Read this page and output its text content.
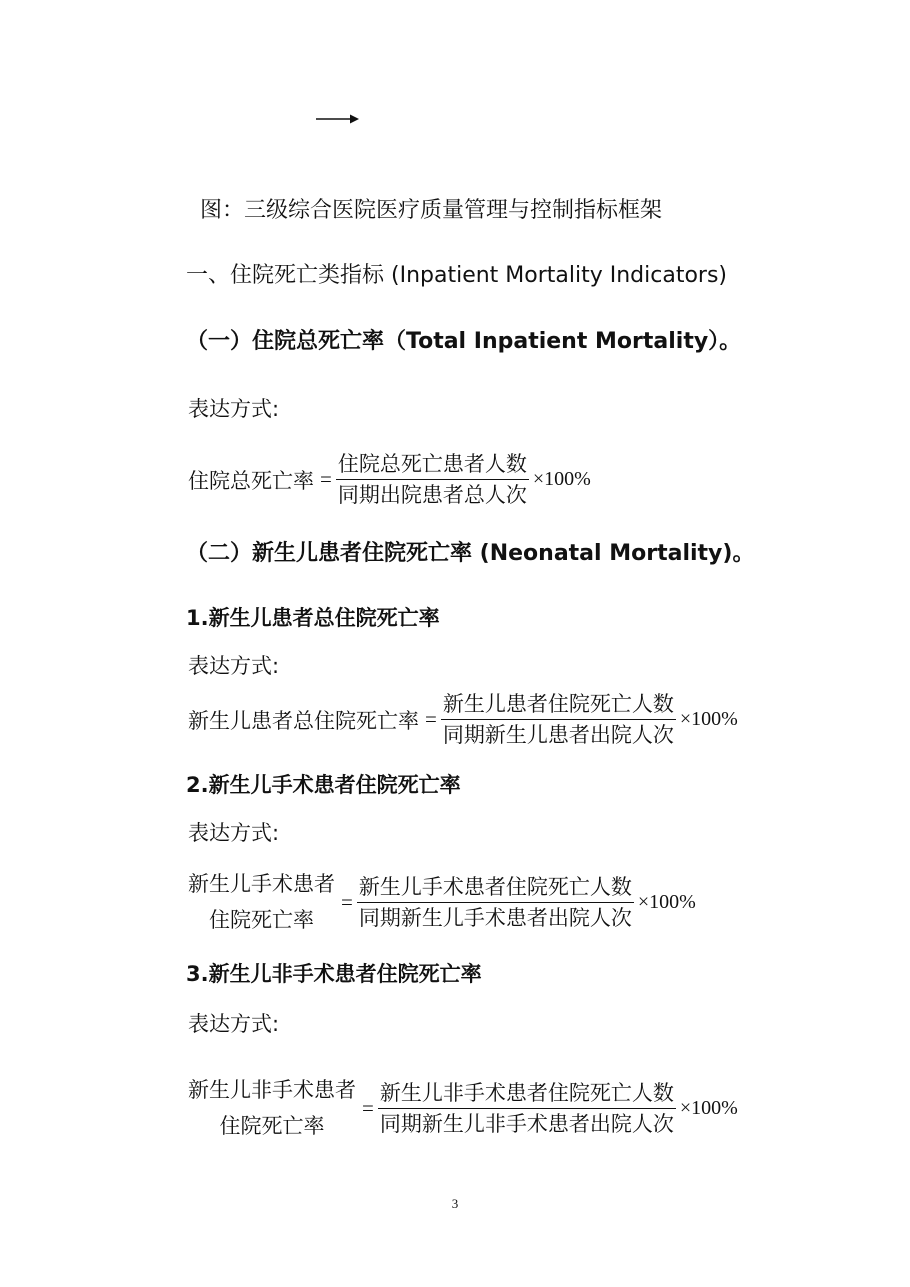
图：三级综合医院医疗质量管理与控制指标框架
一、住院死亡类指标 (Inpatient Mortality Indicators)
（一）住院总死亡率（Total Inpatient Mortality）。
表达方式:
住院总死亡率 = $\frac{\text{住院总死亡患者人数}}{\text{同期出院患者总人次}} \times 100\%$
（二）新生儿患者住院死亡率 (Neonatal Mortality)。
1.新生儿患者总住院死亡率
表达方式:
新生儿患者总住院死亡率 = $\frac{\text{新生儿患者住院死亡人数}}{\text{同期新生儿患者出院人次}} \times 100\%$
2.新生儿手术患者住院死亡率
表达方式:
新生儿手术患者
住院死亡率
= $\frac{\text{新生儿手术患者住院死亡人数}}{\text{同期新生儿手术患者出院人次}} \times 100\%$
3.新生儿非手术患者住院死亡率
表达方式:
新生儿非手术患者
住院死亡率
= $\frac{\text{新生儿非手术患者住院死亡人数}}{\text{同期新生儿非手术患者出院人次}} \times 100\%$
3
